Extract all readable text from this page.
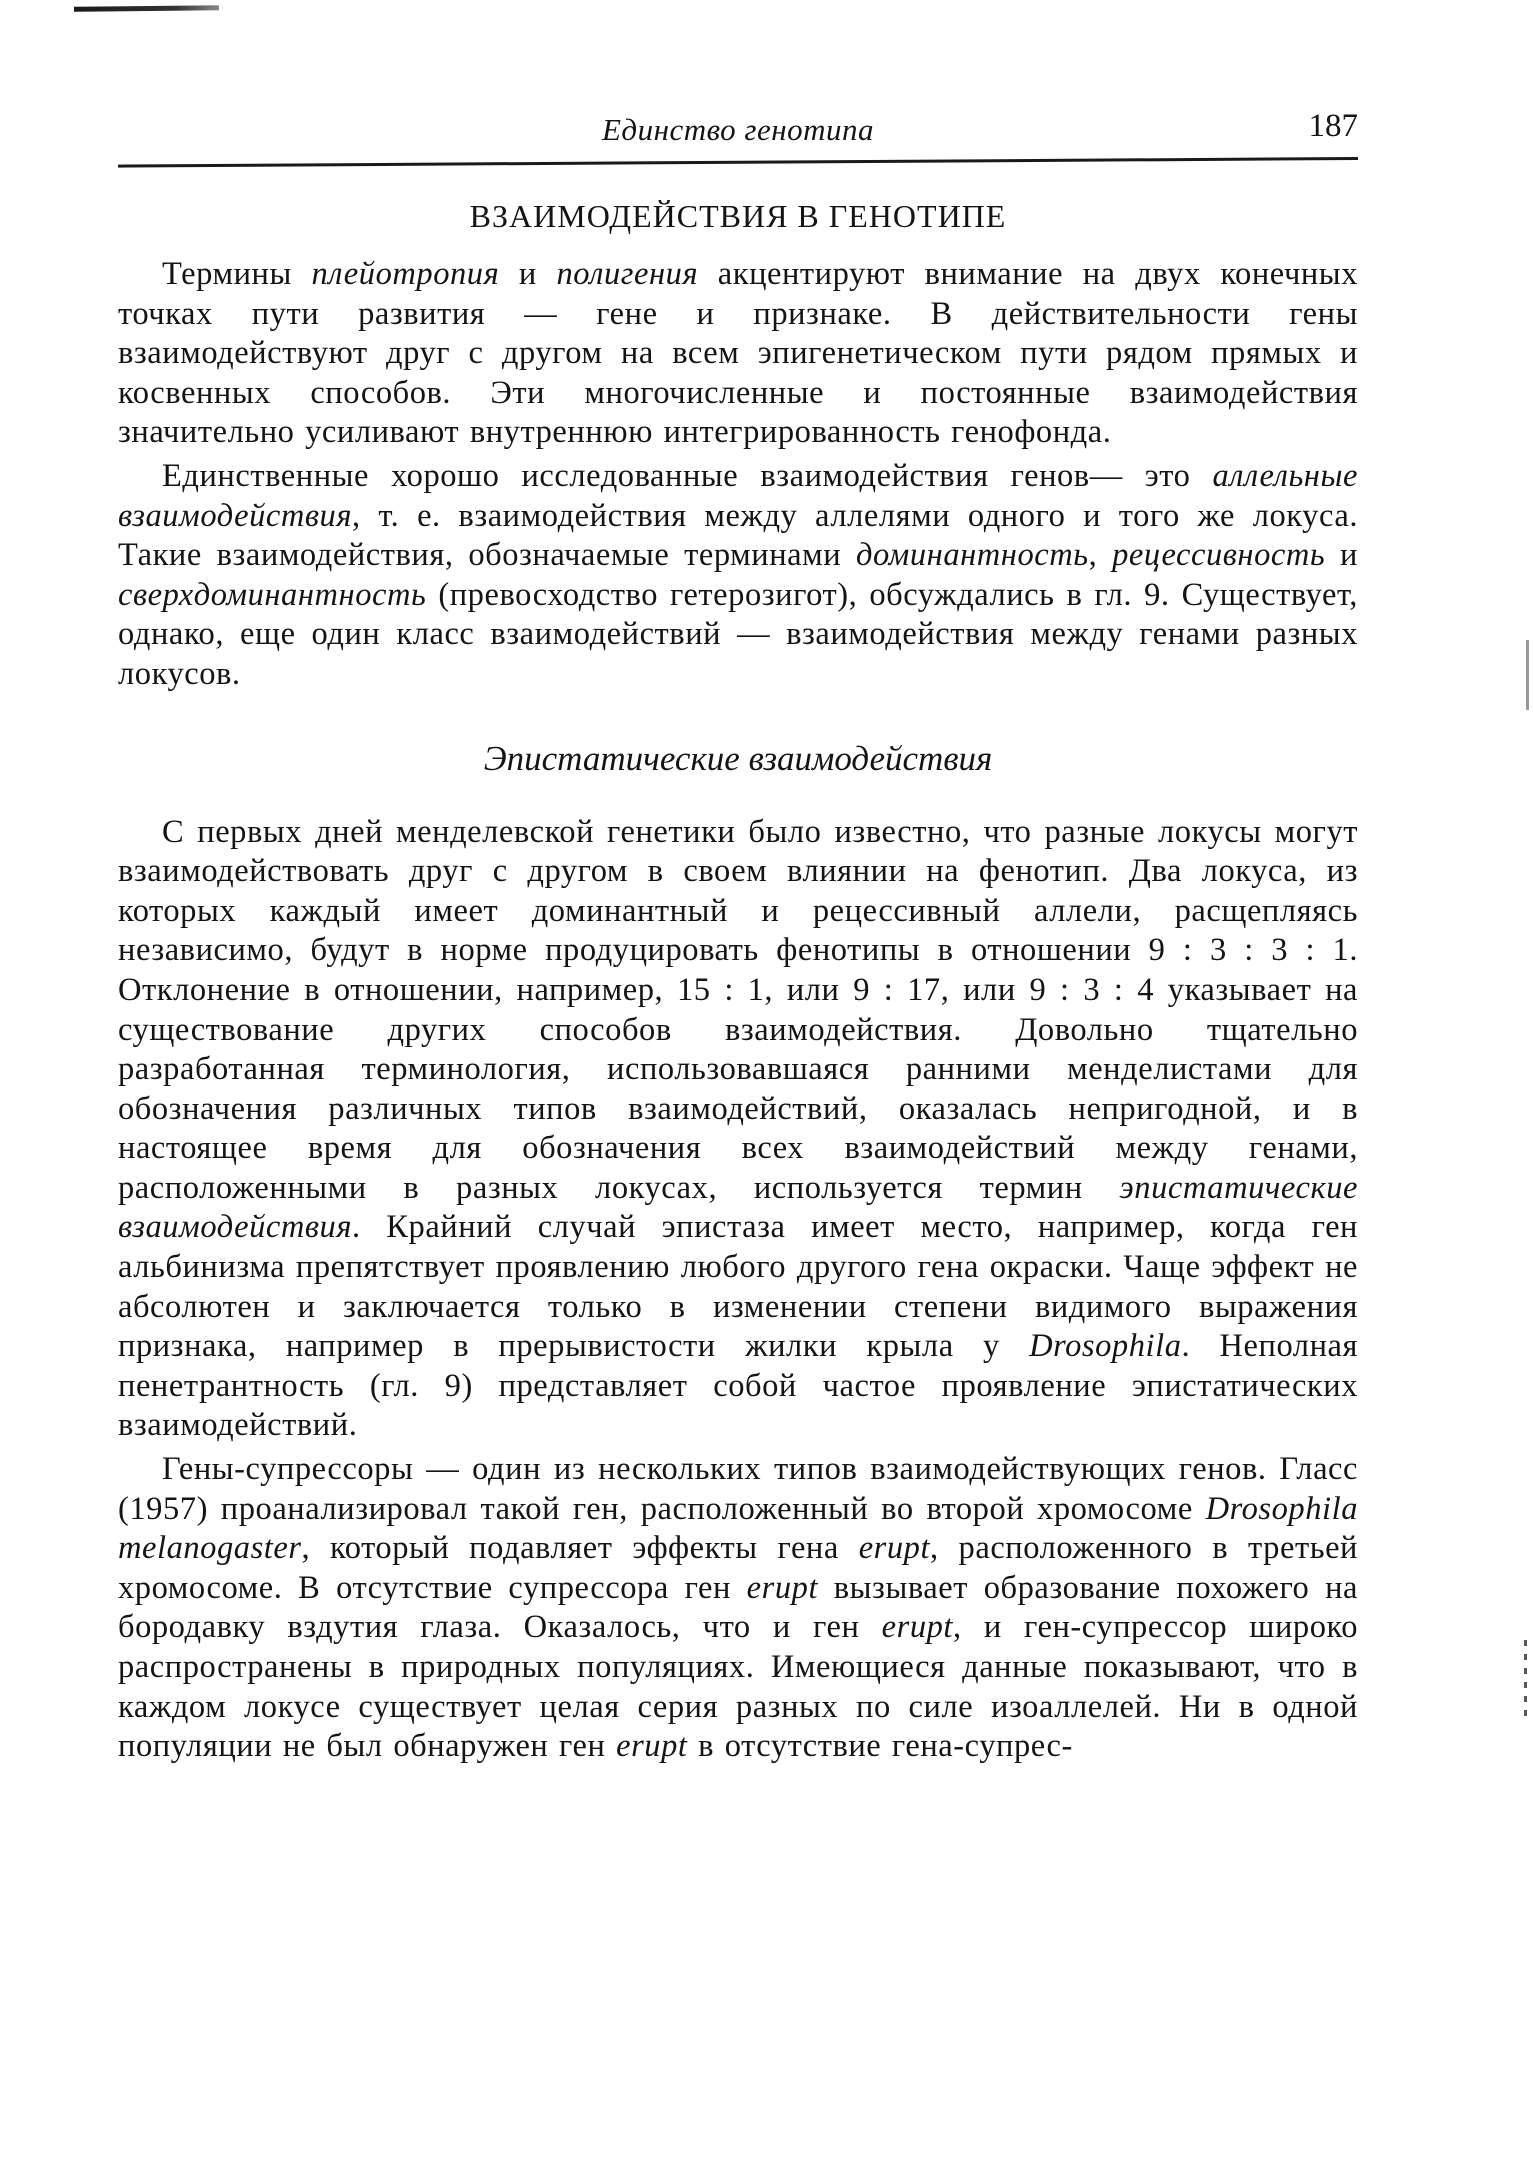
Единство генотипа	187
ВЗАИМОДЕЙСТВИЯ В ГЕНОТИПЕ

Термины плейотропия и полигения акцентируют внимание на двух конечных точках пути развития — гене и признаке. В действительности гены взаимодействуют друг с другом на всем эпигенетическом пути рядом прямых и косвенных способов. Эти многочисленные и постоянные взаимодействия значительно усиливают внутреннюю интегрированность генофонда.

Единственные хорошо исследованные взаимодействия генов— это аллельные взаимодействия, т. е. взаимодействия между аллелями одного и того же локуса. Такие взаимодействия, обозначаемые терминами доминантность, рецессивность и сверхдоминантность (превосходство гетерозигот), обсуждались в гл. 9. Существует, однако, еще один класс взаимодействий — взаимодействия между генами разных локусов.

Эпистатические взаимодействия

С первых дней менделевской генетики было известно, что разные локусы могут взаимодействовать друг с другом в своем влиянии на фенотип. Два локуса, из которых каждый имеет доминантный и рецессивный аллели, расщепляясь независимо, будут в норме продуцировать фенотипы в отношении 9 : 3 : 3 : 1. Отклонение в отношении, например, 15 : 1, или 9 : 17, или 9 : 3 : 4 указывает на существование других способов взаимодействия. Довольно тщательно разработанная терминология, использовавшаяся ранними менделистами для обозначения различных типов взаимодействий, оказалась непригодной, и в настоящее время для обозначения всех взаимодействий между генами, расположенными в разных локусах, используется термин эпистатические взаимодействия. Крайний случай эпистаза имеет место, например, когда ген альбинизма препятствует проявлению любого другого гена окраски. Чаще эффект не абсолютен и заключается только в изменении степени видимого выражения признака, например в прерывистости жилки крыла у Drosophila. Неполная пенетрантность (гл. 9) представляет собой частое проявление эпистатических взаимодействий.

Гены-супрессоры — один из нескольких типов взаимодействующих генов. Гласс (1957) проанализировал такой ген, расположенный во второй хромосоме Drosophila melanogaster, который подавляет эффекты гена erupt, расположенного в третьей хромосоме. В отсутствие супрессора ген erupt вызывает образование похожего на бородавку вздутия глаза. Оказалось, что и ген erupt, и ген-супрессор широко распространены в природных популяциях. Имеющиеся данные показывают, что в каждом локусе существует целая серия разных по силе изоаллелей. Ни в одной популяции не был обнаружен ген erupt в отсутствие гена-супрес-
